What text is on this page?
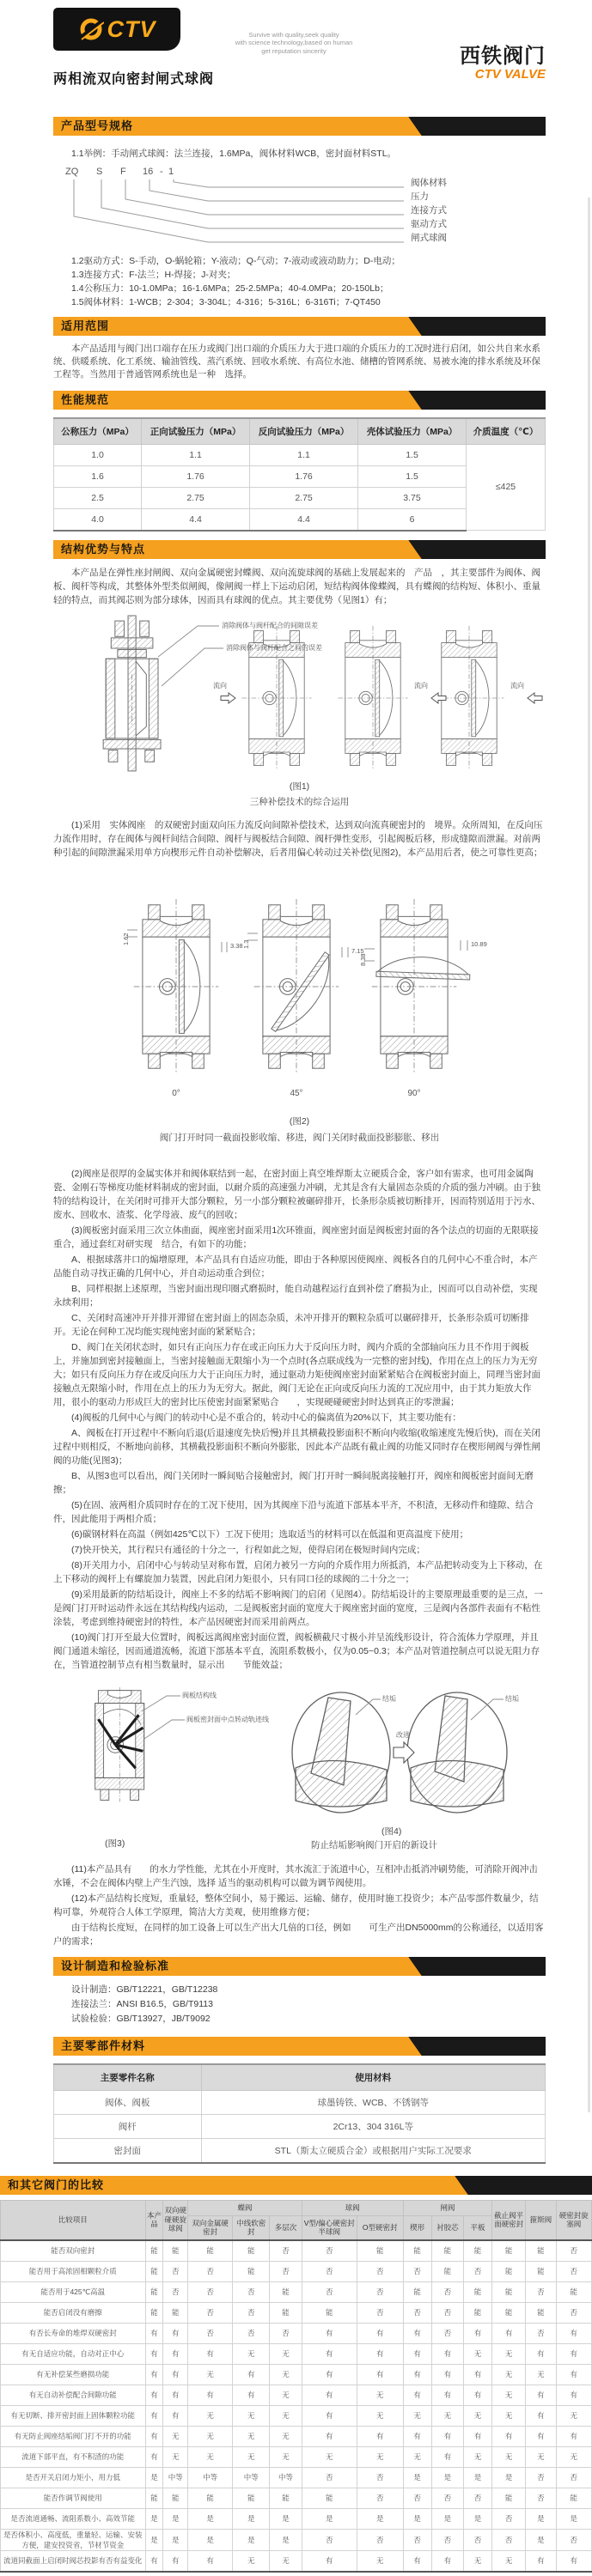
CTV	Survive with quality,seek quality
with science technology,based on human
get reputation sincerity	西铁阀门
CTV VALVE
两相流双向密封闸式球阀
产品型号规格

1.1举例：手动闸式球阀：法兰连接，1.6MPa，阀体材料WCB，密封面材料STL。

ZQ S F 16 - 1
阀体材料
压力
连接方式
驱动方式
闸式球阀
1.2驱动方式：S-手动，O-蜗轮箱；Y-液动；Q-气动；7-液动或液动助力；D-电动；
1.3连接方式：F-法兰；H-焊接；J-对夹；
1.4公称压力：10-1.0MPa；16-1.6MPa；25-2.5MPa；40-4.0MPa；20-150Lb；
1.5阀体材料：1-WCB；2-304；3-304L；4-316；5-316L；6-316Ti；7-QT450
适用范围

本产品适用与阀门出口端存在压力或阀门出口端的介质压力大于进口端的介质压力的工况时进行启闭，如公共自来水系统、供暖系统、化工系统、输油管线、蒸汽系统、回收水系统、有高位水池、储槽的管网系统、易被水淹的排水系统及环保工程等。当然用于普通管网系统也是一种　选择。

性能规范
公称压力（MPa）	正向试验压力（MPa）	反向试验压力（MPa）	壳体试验压力（MPa）	介质温度（℃）
1.0	1.1	1.1	1.5	≤425
1.6	1.76	1.76	1.5	
2.5	2.75	2.75	3.75	
4.0	4.4	4.4	6	
结构优势与特点

本产品是在弹性座封闸阀、双向金属硬密封蝶阀、双向流旋球阀的基础上发展起来的　产品　，其主要部件为阀体、阀板、阀杆等构成，其整体外型类似闸阀，像闸阀一样上下运动启闭，短结构阀体像蝶阀，具有蝶阀的结构短、体积小、重量轻的特点，而其阀芯则为部分球体，因而具有球阀的优点。其主要优势（见图1）有；

消除阀体与阀杆配合的间隙误差
消除阀体与阀杆配合之间的误差
流向	流向	流向
(图1)
三种补偿技术的综合运用

(1)采用　实体阀座　的双硬密封面双向压力流反向间隙补偿技术，达到双向流真硬密封的　境界。众所周知，在反向压力流作用时，存在阀体与阀杆间结合间隙、阀杆与阀板结合间隙、阀杆弹性变形，引起阀板后移，形成缝隙而泄漏。对前两种引起的间隙泄漏采用单方向楔形元件自动补偿解决，后者用偏心转动过关补偿(见图2)，本产品用后者，使之可靠性更高；

1.62
3.38 1.3
7.15
8.38
10.89
0°	45°	90°
(图2)
阀门打开时同一截面投影收缩、移进，阀门关闭时截面投影膨胀、移出

(2)阀座是很厚的金属实体并和阀体联结到一起，在密封面上真空堆焊斯太立硬质合金，客户如有需求，也可用金属陶瓷、金刚石等梯度功能材料制成的密封面，以耐介质的高速强力冲刷，尤其是含有大量固态杂质的介质的强力冲刷。由于独特的结构设计，在关闭时可排开大部分颗粒，另一小部分颗粒被碾碎排开，长条形杂质被切断排开，因而特别适用于污水、废水、回收水、渣浆、化学母液、废气的回收；

(3)阀板密封面采用三次立体曲面，阀座密封面采用1次环锥面，阀座密封面是阀板密封面的各个法点的切面的无限联接重合，通过套红对研实现　结合，有如下的功能；

A、根据球落井口的煽增原理，本产品具有自适应功能，即由于各种原因使阀座、阀板各自的几何中心不重合时，本产品能自动寻找正确的几何中心，并自动运动重合到位；

B、同样根据上述原理，当密封面出现印圈式磨损时，能自动越程运行直到补偿了磨损为止，因而可以自动补偿，实现永续利用；

C、关闭时高速冲开并排开滞留在密封面上的固态杂质，未冲开排开的颗粒杂质可以碾碎排开，长条形杂质可切断排开。无论在何种工况均能实现纯密封面的紧紧贴合；

D、阀门在关闭状态时，如只有正向压力存在或正向压力大于反向压力时，阀内介质的全部轴向压力且不作用于阀板上，并施加到密封接触面上，当密封接触面无限缩小为一个点时(各点联成线为一完整的密封线)，作用在点上的压力为无穷大；如只有反向压力存在或反向压力大于正向压力时，通过驱动力矩使阀座密封面紧紧贴合在阀板密封面上，同理当密封面接触点无限缩小时，作用在点上的压力为无穷大。据此，阀门无论在正向或反向压力流的工况应用中，由于其力矩放大作用，很小的驱动力形成巨大的密封比压使密封面紧紧贴合　　，实现硬碰硬密封时达到真正的零泄漏；

(4)阀板的几何中心与阀门的转动中心是不重合的，转动中心的偏离值为20%以下，其主要功能有：

A、阀板在打开过程中不断向后退(后退速度先快后慢)并且其横截投影面积不断向内收缩(收缩速度先慢后快)，而在关闭过程中则相反，不断地向前移，其横截投影面积不断向外膨胀，因此本产品既有截止阀的功能又同时存在楔形闸阀与弹性闸阀的功能(见图3)；

B、从图3也可以看出，阀门关闭时一瞬间贴合接触密封，阀门打开时一瞬间脱离接触打开，阀座和阀板密封面间无磨擦；

(5)在固、液两相介质同时存在的工况下使用，因为其阀座下沿与流道下部基本平齐，不积渣，无移动件和缝隙、结合件，因此能用于两相介质；

(6)碳钢材料在高温（例如425℃以下）工况下使用；选取适当的材料可以在低温和更高温度下使用；

(7)快开快关，其行程只有通径的十分之一，行程如此之短，使得启闭在极短时间内完成；

(8)开关用力小，启闭中心与转动呈对称布置，启闭力被另一方向的介质作用力所抵消，本产品把转动变为上下移动，在上下移动的阀杆上有螺旋加力装置，因此启闭力矩很小，只有同口径的球阀的二十分之一；

(9)采用最新的防结垢设计，阀座上不多的结垢不影响阀门的启闭（见图4）。防结垢设计的主要原理最重要的是三点，一是阀门打开时运动件永远在其结构线内运动，二是阀板密封面的宽度大于阀座密封面的宽度，三是阀内各部件表面有不粘性涂装，考虑到维持硬密封的特性，本产品因硬密封而采用前两点。

(10)阀门打开至最大位置时，阀板远离阀座密封面位置，阀板横截尺寸极小并呈流线形设计，符合流体力学原理，并且阀门通道未缩径，因而通道流畅，流道下部基本平直，流阻系数极小，仅为0.05~0.3；本产品对管道控制点可以说无阻力存在，当管道控制节点有相当数量时，显示出　　节能效益；

阀板结构线
阀板密封面中点转动轨迹线
结垢	结垢
改进
(图4)
(图3)	防止结垢影响阀门开启的新设计

(11)本产品具有　　的水力学性能，尤其在小开度时，其水流汇于流道中心，互相冲击抵消冲刷势能，可消除开阀冲击水锤，不会在阀体内壁上产生汽蚀，选择 适当的驱动机构可以做为调节阀使用。

(12)本产品结构长度短，重量轻，整体空间小，易于搬运、运输、储存，使用时施工投资少；本产品零部件数量少，结构可靠，外观符合人体工学原理，简洁大方美观，使用维修方便；

由于结构长度短，在同样的加工设备上可以生产出大几倍的口径，例如　　可生产出DN5000mm的公称通径，以适用客户的需求；

设计制造和检验标准
设计制造：GB/T12221，GB/T12238
连接法兰：ANSI B16.5，GB/T9113
试验检验：GB/T13927，JB/T9092
主要零部件材料
主要零件名称	使用材料
阀体、阀板	球墨铸铁、WCB、不锈钢等
阀杆	2Cr13、304 316L等
密封面	STL（斯太立硬质合金）或根据用户实际工况要求
和其它阀门的比较
比较项目	本产品	双向硬碰硬旋球阀	蝶阀			球阀		闸阀			截止阀平面硬密封	箍斯阀	硬密封旋塞阀
			双向金属硬密封	中线软密封	多层次	V型/偏心硬密封半球阀	O型硬密封	楔形	衬胶芯	平板			
能否双向密封	能	能	能	能	否	否	能	能	能	能	能	能	否
能否用于高浓固相颗粒介质	能	否	否	能	否	否	否	否	能	否	能	能	否
能否用于425℃高温	能	否	否	否	能	否	否	能	否	能	能	否	能
能否启闭没有磨擦	能	能	否	否	能	能	否	否	否	能	能	能	否
有否长寿命的堆焊双硬密封	有	有	否	否	否	有	有	有	否	有	有	否	有
有无自适应功能，自动对正中心	有	有	有	无	无	有	有	有	有	无	无	有	有
有无补偿某些磨损功能	有	有	无	有	无	有	有	有	有	有	无	无	有
有无自动补偿配合间隙功能	有	有	有	有	无	有	无	有	有	有	无	有	有
有无切断、排开密封面上固体颗粒功能	有	有	无	无	无	有	无	无	无	无	无	有	无
有无防止阀座结垢阀门打不开的功能	有	无	无	无	无	有	有	有	有	有	有	有	有
流道下部平直，有不积渣的功能	有	无	无	无	无	无	无	无	有	无	无	无	无
是否开关启闭力矩小，用力低	是	中等	中等	中等	中等	否	否	是	是	是	是	否	否
能否作调节阀使用	能	能	能	能	能	能	否	否	否	否	能	否	能
是否流道通畅、流阻系数小、高效节能	是	是	是	是	是	是	是	是	是	是	否	是	是
是否体积小、高度低，重量轻、运输、安装方便，建安投资省，节材节资金	是	是	是	是	是	否	否	否	否	否	否	是	否
流道同截面上启闭时阀芯投影有否有益变化	有	有	有	无	无	有	无	有	有	无	无	有	有
